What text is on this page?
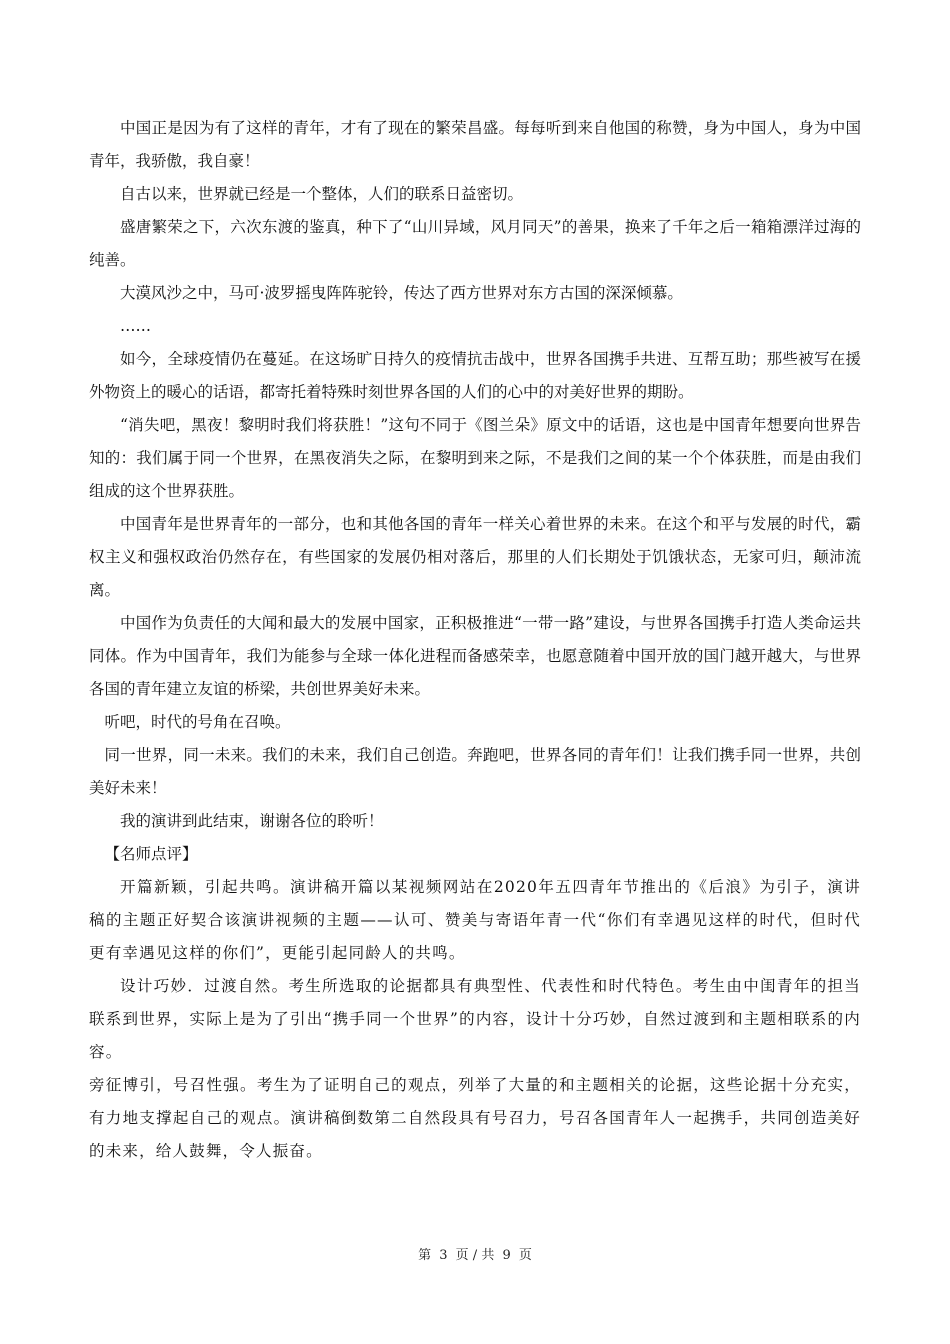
中国正是因为有了这样的青年，才有了现在的繁荣昌盛。每每听到来自他国的称赞，身为中国人，身为中国青年，我骄傲，我自豪！

自古以来，世界就已经是一个整体，人们的联系日益密切。

盛唐繁荣之下，六次东渡的鉴真，种下了“山川异域，风月同天”的善果，换来了千年之后一箱箱漂洋过海的纯善。

大漠风沙之中，马可·波罗摇曳阵阵驼铃，传达了西方世界对东方古国的深深倾慕。

……

如今，全球疫情仍在蔓延。在这场旷日持久的疫情抗击战中，世界各国携手共进、互帮互助；那些被写在援外物资上的暖心的话语，都寄托着特殊时刻世界各国的人们的心中的对美好世界的期盼。

“消失吧，黑夜！黎明时我们将获胜！”这句不同于《图兰朵》原文中的话语，这也是中国青年想要向世界告知的：我们属于同一个世界，在黑夜消失之际，在黎明到来之际，不是我们之间的某一个个体获胜，而是由我们组成的这个世界获胜。

中国青年是世界青年的一部分，也和其他各国的青年一样关心着世界的未来。在这个和平与发展的时代，霸权主义和强权政治仍然存在，有些国家的发展仍相对落后，那里的人们长期处于饥饿状态，无家可归，颠沛流离。

中国作为负责任的大闻和最大的发展中国家，正积极推进“一带一路”建设，与世界各国携手打造人类命运共同体。作为中国青年，我们为能参与全球一体化进程而备感荣幸，也愿意随着中国开放的国门越开越大，与世界各国的青年建立友谊的桥梁，共创世界美好未来。

听吧，时代的号角在召唤。

同一世界，同一未来。我们的未来，我们自己创造。奔跑吧，世界各同的青年们！让我们携手同一世界，共创美好未来！

我的演讲到此结束，谢谢各位的聆听！

【名师点评】

开篇新颖，引起共鸣。演讲稿开篇以某视频网站在2020年五四青年节推出的《后浪》为引子，演讲稿的主题正好契合该演讲视频的主题——认可、赞美与寄语年青一代“你们有幸遇见这样的时代，但时代更有幸遇见这样的你们”，更能引起同龄人的共鸣。

设计巧妙．过渡自然。考生所选取的论据都具有典型性、代表性和时代特色。考生由中闺青年的担当联系到世界，实际上是为了引出“携手同一个世界”的内容，设计十分巧妙，自然过渡到和主题相联系的内容。

旁征博引，号召性强。考生为了证明自己的观点，列举了大量的和主题相关的论据，这些论据十分充实，有力地支撑起自己的观点。演讲稿倒数第二自然段具有号召力，号召各国青年人一起携手，共同创造美好的未来，给人鼓舞，令人振奋。

第 3 页 / 共 9 页
